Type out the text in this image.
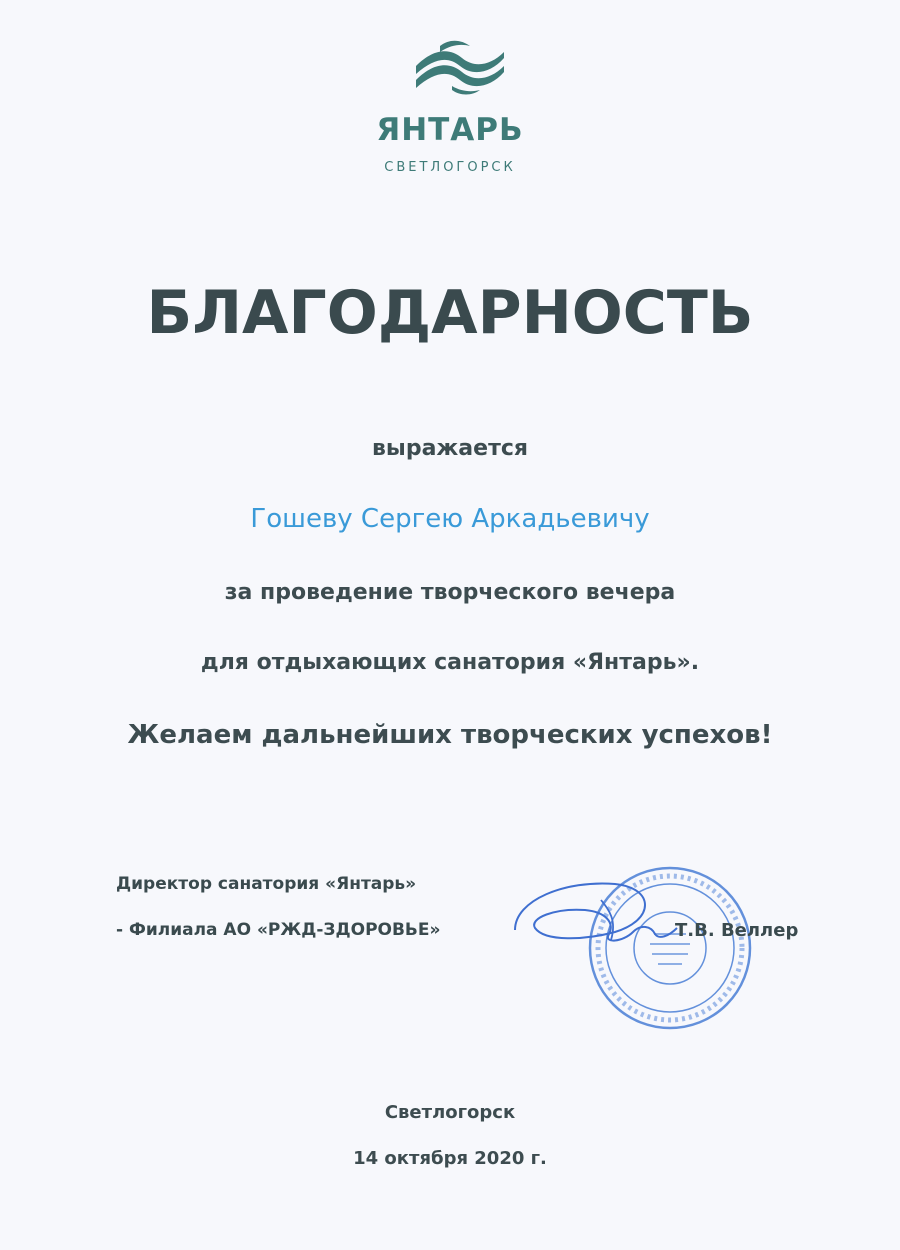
ЯНТАРЬ
СВЕТЛОГОРСК
БЛАГОДАРНОСТЬ
выражается
Гошеву Сергею Аркадьевичу
за проведение творческого вечера
для отдыхающих санатория «Янтарь».
Желаем дальнейших творческих успехов!
Директор санатория «Янтарь»
- Филиала АО «РЖД-ЗДОРОВЬЕ»	Т.В. Веллер
Светлогорск
14 октября 2020 г.
